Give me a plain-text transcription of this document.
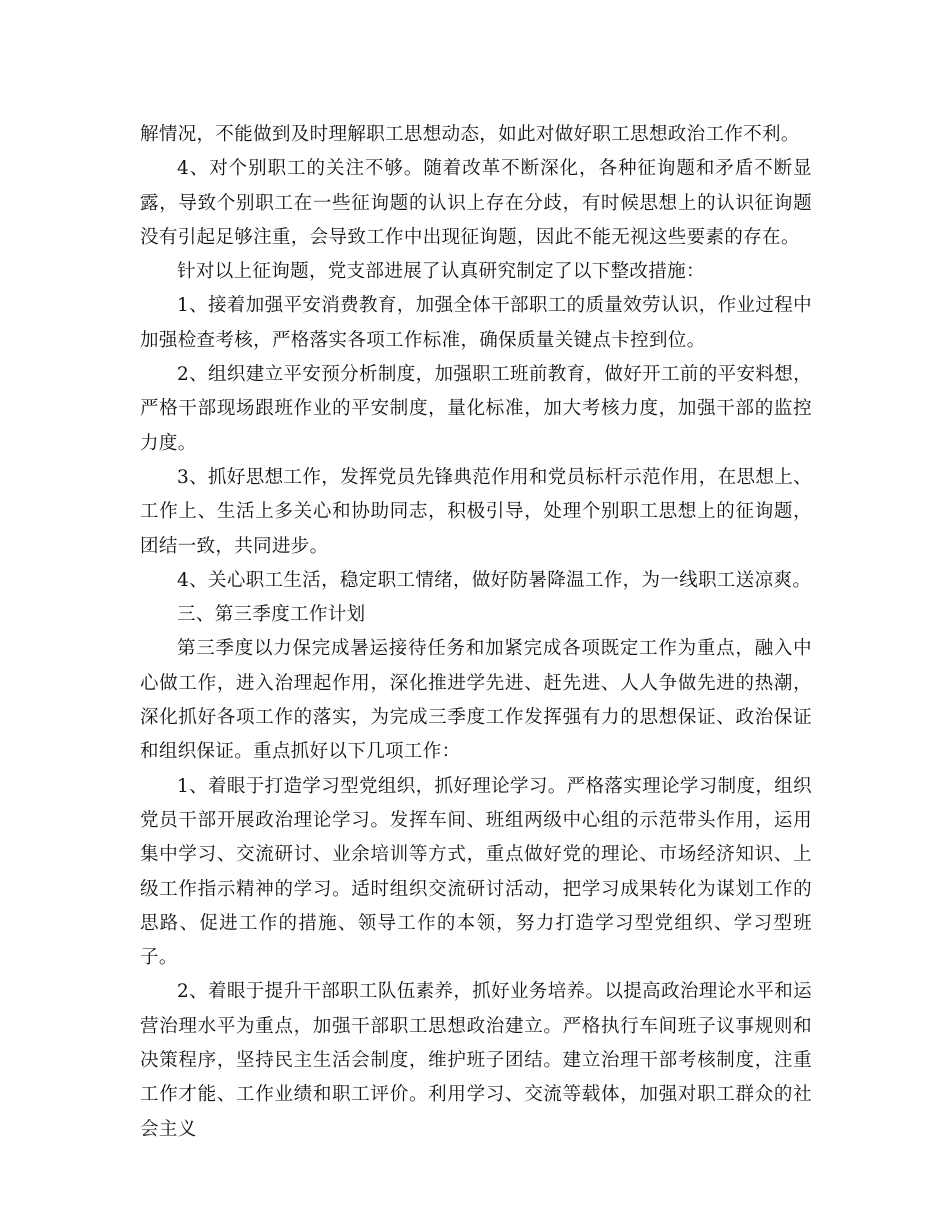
解情况，不能做到及时理解职工思想动态，如此对做好职工思想政治工作不利。

4、对个别职工的关注不够。随着改革不断深化，各种征询题和矛盾不断显露，导致个别职工在一些征询题的认识上存在分歧，有时候思想上的认识征询题没有引起足够注重，会导致工作中出现征询题，因此不能无视这些要素的存在。

针对以上征询题，党支部进展了认真研究制定了以下整改措施：

1、接着加强平安消费教育，加强全体干部职工的质量效劳认识，作业过程中加强检查考核，严格落实各项工作标准，确保质量关键点卡控到位。

2、组织建立平安预分析制度，加强职工班前教育，做好开工前的平安料想，严格干部现场跟班作业的平安制度，量化标准，加大考核力度，加强干部的监控力度。

3、抓好思想工作，发挥党员先锋典范作用和党员标杆示范作用，在思想上、工作上、生活上多关心和协助同志，积极引导，处理个别职工思想上的征询题，团结一致，共同进步。

4、关心职工生活，稳定职工情绪，做好防暑降温工作，为一线职工送凉爽。

三、第三季度工作计划

第三季度以力保完成暑运接待任务和加紧完成各项既定工作为重点，融入中心做工作，进入治理起作用，深化推进学先进、赶先进、人人争做先进的热潮，深化抓好各项工作的落实，为完成三季度工作发挥强有力的思想保证、政治保证和组织保证。重点抓好以下几项工作：

1、着眼于打造学习型党组织，抓好理论学习。严格落实理论学习制度，组织党员干部开展政治理论学习。发挥车间、班组两级中心组的示范带头作用，运用集中学习、交流研讨、业余培训等方式，重点做好党的理论、市场经济知识、上级工作指示精神的学习。适时组织交流研讨活动，把学习成果转化为谋划工作的思路、促进工作的措施、领导工作的本领，努力打造学习型党组织、学习型班子。

2、着眼于提升干部职工队伍素养，抓好业务培养。以提高政治理论水平和运营治理水平为重点，加强干部职工思想政治建立。严格执行车间班子议事规则和决策程序，坚持民主生活会制度，维护班子团结。建立治理干部考核制度，注重工作才能、工作业绩和职工评价。利用学习、交流等载体，加强对职工群众的社会主义
